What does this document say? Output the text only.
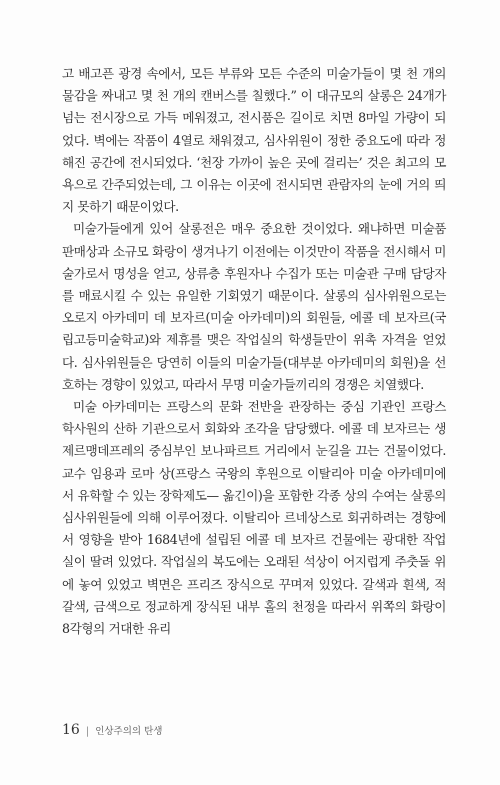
고 배고픈 광경 속에서, 모든 부류와 모든 수준의 미술가들이 몇 천 개의 물감을 짜내고 몇 천 개의 캔버스를 칠했다.” 이 대규모의 살롱은 24개가 넘는 전시장으로 가득 메워졌고, 전시품은 길이로 치면 8마일 가량이 되었다. 벽에는 작품이 4열로 채워졌고, 심사위원이 정한 중요도에 따라 정해진 공간에 전시되었다. ‘천장 가까이 높은 곳에 걸리는’ 것은 최고의 모욕으로 간주되었는데, 그 이유는 이곳에 전시되면 관람자의 눈에 거의 띄지 못하기 때문이었다.

미술가들에게 있어 살롱전은 매우 중요한 것이었다. 왜냐하면 미술품 판매상과 소규모 화랑이 생겨나기 이전에는 이것만이 작품을 전시해서 미술가로서 명성을 얻고, 상류층 후원자나 수집가 또는 미술관 구매 담당자를 매료시킬 수 있는 유일한 기회였기 때문이다. 살롱의 심사위원으로는 오로지 아카데미 데 보자르(미술 아카데미)의 회원들, 에콜 데 보자르(국립고등미술학교)와 제휴를 맺은 작업실의 학생들만이 위촉 자격을 얻었다. 심사위원들은 당연히 이들의 미술가들(대부분 아카데미의 회원)을 선호하는 경향이 있었고, 따라서 무명 미술가들끼리의 경쟁은 치열했다.

미술 아카데미는 프랑스의 문화 전반을 관장하는 중심 기관인 프랑스 학사원의 산하 기관으로서 회화와 조각을 담당했다. 에콜 데 보자르는 생제르맹데프레의 중심부인 보나파르트 거리에서 눈길을 끄는 건물이었다. 교수 임용과 로마 상(프랑스 국왕의 후원으로 이탈리아 미술 아카데미에서 유학할 수 있는 장학제도— 옮긴이)을 포함한 각종 상의 수여는 살롱의 심사위원들에 의해 이루어졌다. 이탈리아 르네상스로 회귀하려는 경향에서 영향을 받아 1684년에 설립된 에콜 데 보자르 건물에는 광대한 작업실이 딸려 있었다. 작업실의 복도에는 오래된 석상이 어지럽게 주춧돌 위에 놓여 있었고 벽면은 프리즈 장식으로 꾸며져 있었다. 갈색과 흰색, 적갈색, 금색으로 정교하게 장식된 내부 홀의 천정을 따라서 위쪽의 화랑이 8각형의 거대한 유리

16 | 인상주의의 탄생
